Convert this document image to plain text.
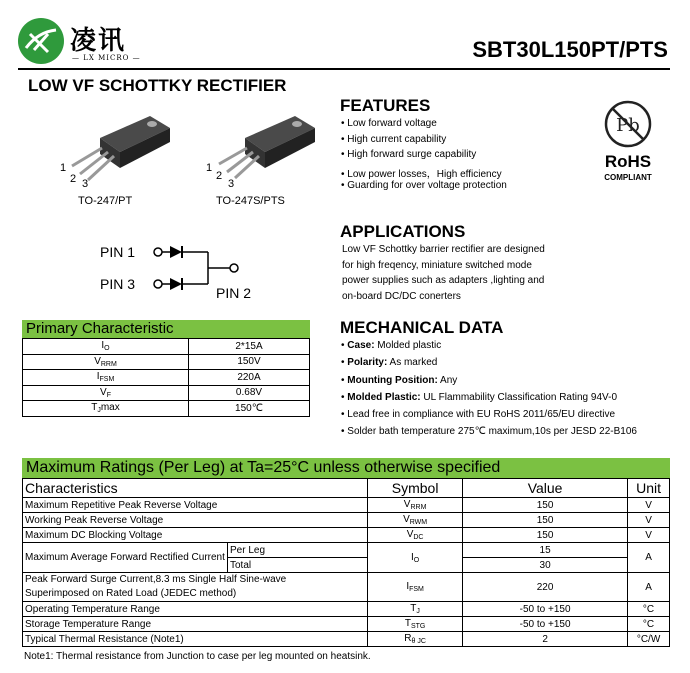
凌讯
— LX MICRO —	SBT30L150PT/PTS
LOW VF SCHOTTKY RECTIFIER
1
2 3
TO-247/PT
1
2
3
TO-247S/PTS
PIN 1
PIN 3
PIN 2
FEATURES
• Low forward voltage
• High current capability
• High forward surge capability
• Low power losses，High efficiency
• Guarding for over voltage protection
Pb
RoHS
COMPLIANT
APPLICATIONS
Low VF Schottky barrier rectifier are designed
for high freqency, miniature switched mode
power supplies such as adapters ,lighting and
on-board DC/DC conerters
MECHANICAL DATA
• Case: Molded plastic
• Polarity: As marked
• Mounting Position: Any
• Molded Plastic: UL Flammability Classification Rating 94V-0
• Lead free in compliance with EU RoHS 2011/65/EU directive
• Solder bath temperature 275℃ maximum,10s per JESD 22-B106
Primary Characteristic
$I_O$	2*15A
$V_{RRM}$	150V
$I_{FSM}$	220A
$V_F$	0.68V
$T_J\max$	150℃
Maximum Ratings (Per Leg) at Ta=25°C unless otherwise specified
Characteristics		Symbol	Value	Unit
Maximum Repetitive Peak Reverse Voltage		$V_{RRM}$	150	V
Working Peak Reverse Voltage		$V_{RWM}$	150	V
Maximum DC Blocking Voltage		$V_{DC}$	150	V
Maximum Average Forward Rectified Current	Per Leg	$I_O$	15	A
	Total		30	

Peak Forward Surge Current,8.3 ms Single Half Sine-wave
Superimposed on Rated Load (JEDEC method)		$I_{FSM}$	220	A
Operating Temperature Range		$T_J$	-50 to +150	°C
Storage Temperature Range		$T_{STG}$	-50 to +150	°C
Typical Thermal Resistance (Note1)		$R_{\theta JC}$	2	°C/W
Note1: Thermal resistance from Junction to case per leg mounted on heatsink.
